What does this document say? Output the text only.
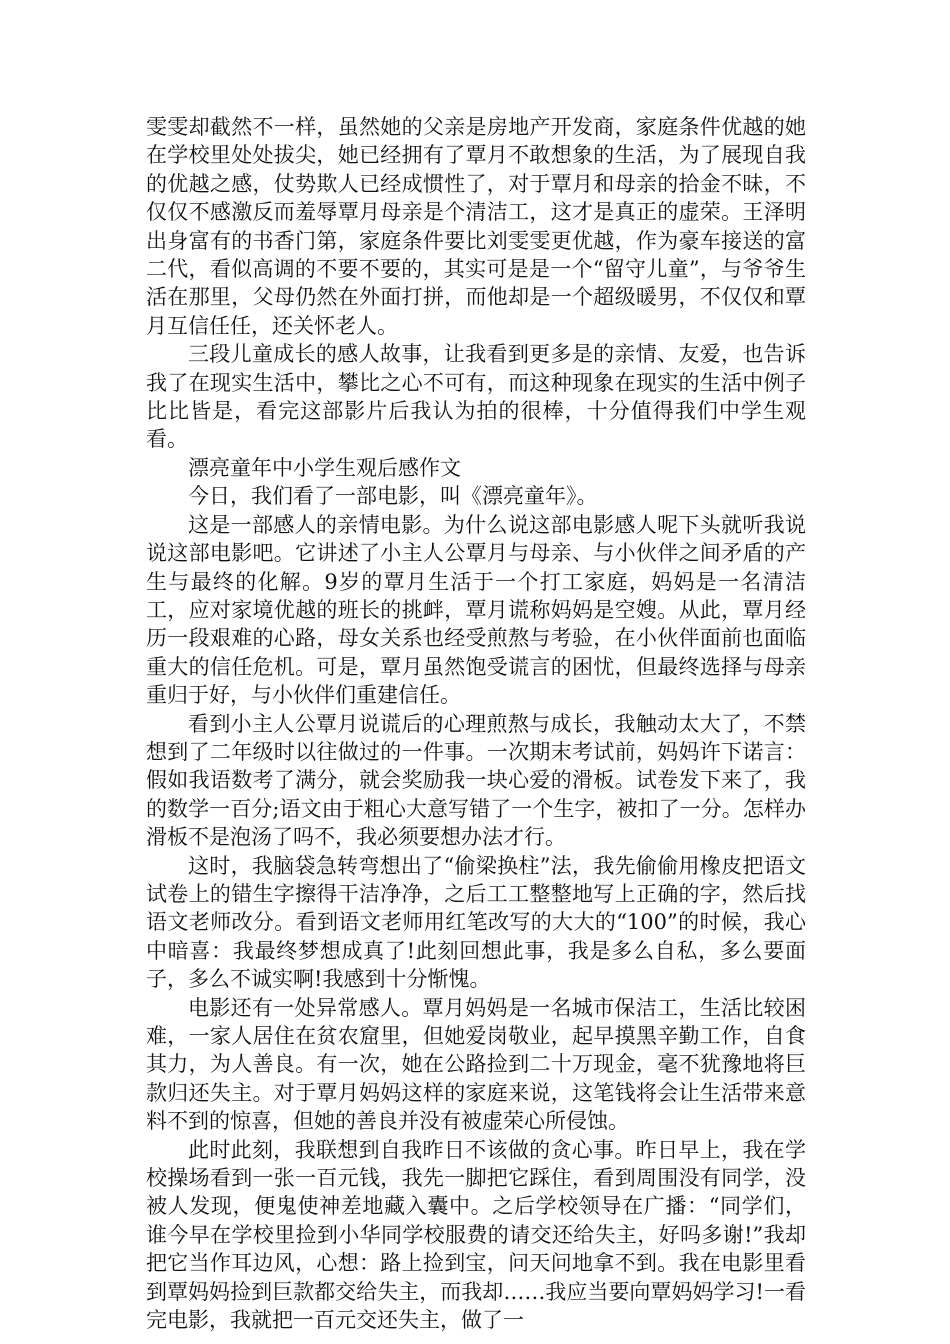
雯雯却截然不一样，虽然她的父亲是房地产开发商，家庭条件优越的她在学校里处处拔尖，她已经拥有了覃月不敢想象的生活，为了展现自我的优越之感，仗势欺人已经成惯性了，对于覃月和母亲的拾金不昧，不仅仅不感激反而羞辱覃月母亲是个清洁工，这才是真正的虚荣。王泽明出身富有的书香门第，家庭条件要比刘雯雯更优越，作为豪车接送的富二代，看似高调的不要不要的，其实可是是一个“留守儿童”，与爷爷生活在那里，父母仍然在外面打拼，而他却是一个超级暖男，不仅仅和覃月互信任任，还关怀老人。

三段儿童成长的感人故事，让我看到更多是的亲情、友爱，也告诉我了在现实生活中，攀比之心不可有，而这种现象在现实的生活中例子比比皆是，看完这部影片后我认为拍的很棒，十分值得我们中学生观看。

漂亮童年中小学生观后感作文

今日，我们看了一部电影，叫《漂亮童年》。

这是一部感人的亲情电影。为什么说这部电影感人呢下头就听我说说这部电影吧。它讲述了小主人公覃月与母亲、与小伙伴之间矛盾的产生与最终的化解。9岁的覃月生活于一个打工家庭，妈妈是一名清洁工，应对家境优越的班长的挑衅，覃月谎称妈妈是空嫂。从此，覃月经历一段艰难的心路，母女关系也经受煎熬与考验，在小伙伴面前也面临重大的信任危机。可是，覃月虽然饱受谎言的困忧，但最终选择与母亲重归于好，与小伙伴们重建信任。

看到小主人公覃月说谎后的心理煎熬与成长，我触动太大了，不禁想到了二年级时以往做过的一件事。一次期末考试前，妈妈许下诺言：假如我语数考了满分，就会奖励我一块心爱的滑板。试卷发下来了，我的数学一百分;语文由于粗心大意写错了一个生字，被扣了一分。怎样办滑板不是泡汤了吗不，我必须要想办法才行。

这时，我脑袋急转弯想出了“偷梁换柱”法，我先偷偷用橡皮把语文试卷上的错生字擦得干洁净净，之后工工整整地写上正确的字，然后找语文老师改分。看到语文老师用红笔改写的大大的“100”的时候，我心中暗喜：我最终梦想成真了!此刻回想此事，我是多么自私，多么要面子，多么不诚实啊!我感到十分惭愧。

电影还有一处异常感人。覃月妈妈是一名城市保洁工，生活比较困难，一家人居住在贫农窟里，但她爱岗敬业，起早摸黑辛勤工作，自食其力，为人善良。有一次，她在公路捡到二十万现金，毫不犹豫地将巨款归还失主。对于覃月妈妈这样的家庭来说，这笔钱将会让生活带来意料不到的惊喜，但她的善良并没有被虚荣心所侵蚀。

此时此刻，我联想到自我昨日不该做的贪心事。昨日早上，我在学校操场看到一张一百元钱，我先一脚把它踩住，看到周围没有同学，没被人发现，便鬼使神差地藏入囊中。之后学校领导在广播：“同学们，谁今早在学校里捡到小华同学校服费的请交还给失主，好吗多谢!”我却把它当作耳边风，心想：路上捡到宝，问天问地拿不到。我在电影里看到覃妈妈捡到巨款都交给失主，而我却……我应当要向覃妈妈学习!一看完电影，我就把一百元交还失主，做了一
